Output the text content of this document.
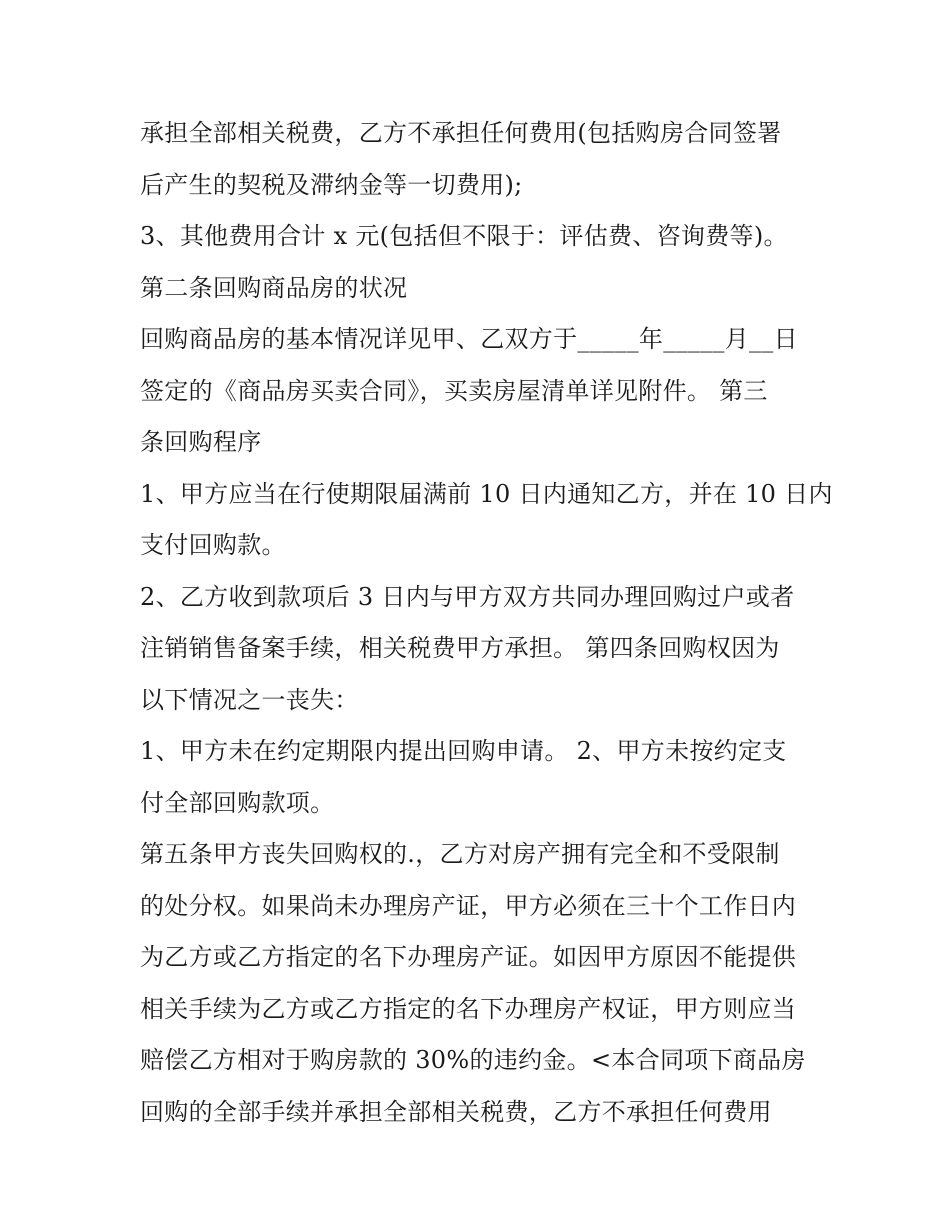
承担全部相关税费，乙方不承担任何费用(包括购房合同签署
后产生的契税及滞纳金等一切费用);
3、其他费用合计 x 元(包括但不限于：评估费、咨询费等)。
第二条回购商品房的状况
回购商品房的基本情况详见甲、乙双方于_____年_____月__日
签定的《商品房买卖合同》，买卖房屋清单详见附件。 第三
条回购程序
1、甲方应当在行使期限届满前 10 日内通知乙方，并在 10 日内
支付回购款。
2、乙方收到款项后 3 日内与甲方双方共同办理回购过户或者
注销销售备案手续，相关税费甲方承担。 第四条回购权因为
以下情况之一丧失：
1、甲方未在约定期限内提出回购申请。 2、甲方未按约定支
付全部回购款项。
第五条甲方丧失回购权的.，乙方对房产拥有完全和不受限制
的处分权。如果尚未办理房产证，甲方必须在三十个工作日内
为乙方或乙方指定的名下办理房产证。如因甲方原因不能提供
相关手续为乙方或乙方指定的名下办理房产权证，甲方则应当
赔偿乙方相对于购房款的 30%的违约金。<本合同项下商品房
回购的全部手续并承担全部相关税费，乙方不承担任何费用
